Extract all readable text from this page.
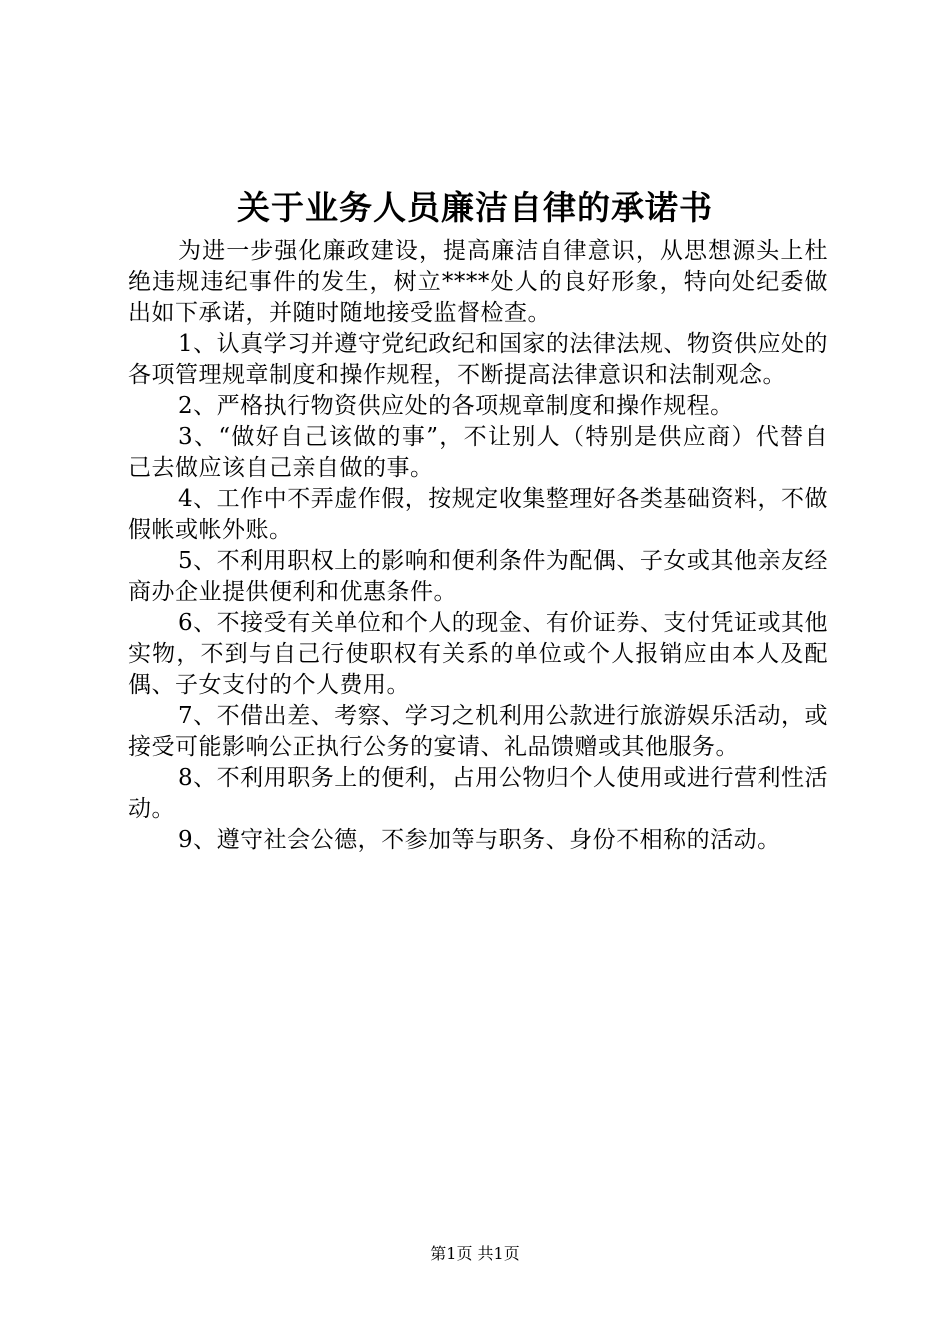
关于业务人员廉洁自律的承诺书

为进一步强化廉政建设，提高廉洁自律意识，从思想源头上杜绝违规违纪事件的发生，树立****处人的良好形象，特向处纪委做出如下承诺，并随时随地接受监督检查。

1、认真学习并遵守党纪政纪和国家的法律法规、物资供应处的各项管理规章制度和操作规程，不断提高法律意识和法制观念。

2、严格执行物资供应处的各项规章制度和操作规程。

3、“做好自己该做的事”，不让别人（特别是供应商）代替自己去做应该自己亲自做的事。

4、工作中不弄虚作假，按规定收集整理好各类基础资料，不做假帐或帐外账。

5、不利用职权上的影响和便利条件为配偶、子女或其他亲友经商办企业提供便利和优惠条件。

6、不接受有关单位和个人的现金、有价证券、支付凭证或其他实物，不到与自己行使职权有关系的单位或个人报销应由本人及配偶、子女支付的个人费用。

7、不借出差、考察、学习之机利用公款进行旅游娱乐活动，或接受可能影响公正执行公务的宴请、礼品馈赠或其他服务。

8、不利用职务上的便利，占用公物归个人使用或进行营利性活动。

9、遵守社会公德，不参加等与职务、身份不相称的活动。

第1页 共1页
